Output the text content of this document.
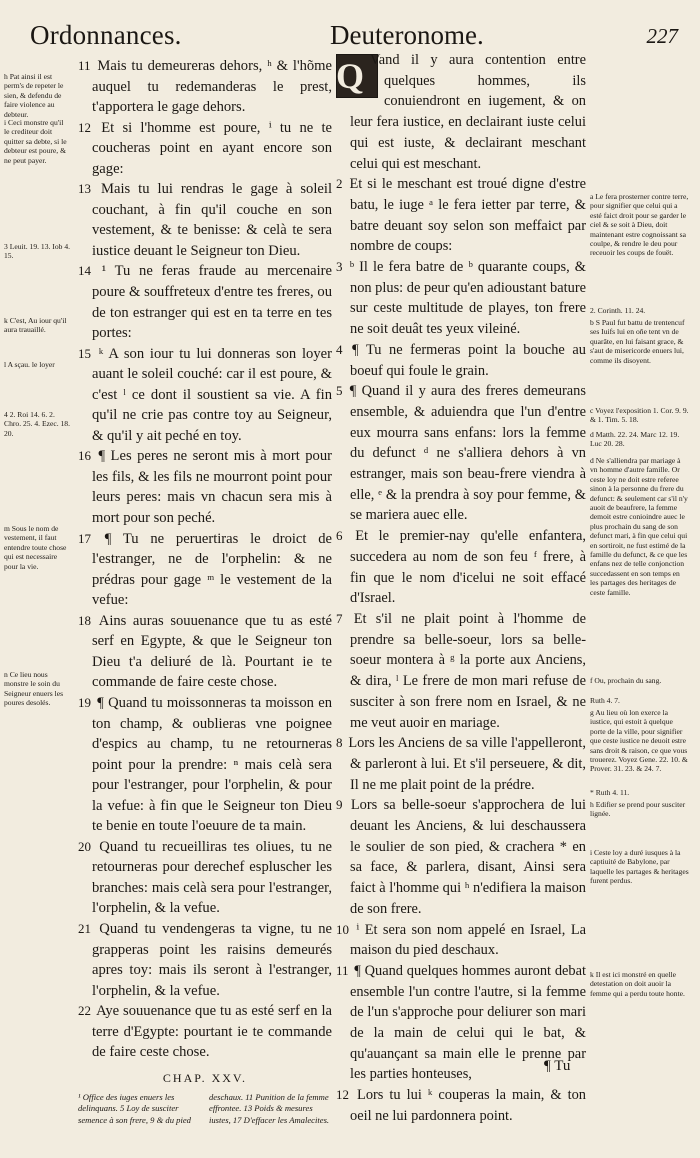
Ordonnances.	Deuteronome.	227
h Pat ainsi il est perm's de repeter le sien, & defendu de faire violence au debteur.
i Ceci monstre qu'il le crediteur doit quitter sa debte, si le debteur est poure, & ne peut payer.
3 Leuit. 19. 13. Iob 4. 15.
k C'est, Au iour qu'il aura trauaillé.
l A sçau. le loyer
4 2. Roi 14. 6. 2. Chro. 25. 4. Ezec. 18. 20.
m Sous le nom de vestement, il faut entendre toute chose qui est necessaire pour la vie.
n Ce lieu nous monstre le soin du Seigneur enuers les poures desolés.

11 Mais tu demeureras dehors, ʰ & l'hõme auquel tu redemanderas le prest, t'apportera le gage dehors.

12 Et si l'homme est poure, ⁱ tu ne te coucheras point en ayant encore son gage:

13 Mais tu lui rendras le gage à soleil couchant, à fin qu'il couche en son vestement, & te benisse: & celà te sera iustice deuant le Seigneur ton Dieu.

14 ¹ Tu ne feras fraude au mercenaire poure & souffreteux d'entre tes freres, ou de ton estranger qui est en ta terre en tes portes:

15 ᵏ A son iour tu lui donneras son loyer auant le soleil couché: car il est poure, & c'est ˡ ce dont il soustient sa vie. A fin qu'il ne crie pas contre toy au Seigneur, & qu'il y ait peché en toy.

16 ¶ Les peres ne seront mis à mort pour les fils, & les fils ne mourront point pour leurs peres: mais vn chacun sera mis à mort pour son peché.

17 ¶ Tu ne peruertiras le droict de l'estranger, ne de l'orphelin: & ne prédras pour gage ᵐ le vestement de la vefue:

18 Ains auras souuenance que tu as esté serf en Egypte, & que le Seigneur ton Dieu t'a deliuré de là. Pourtant ie te commande de faire ceste chose.

19 ¶ Quand tu moissonneras ta moisson en ton champ, & oublieras vne poignee d'espics au champ, tu ne retourneras point pour la prendre: ⁿ mais celà sera pour l'estranger, pour l'orphelin, & pour la vefue: à fin que le Seigneur ton Dieu te benie en toute l'oeuure de ta main.

20 Quand tu recueilliras tes oliues, tu ne retourneras pour derechef espluscher les branches: mais celà sera pour l'estranger, l'orphelin, & la vefue.

21 Quand tu vendengeras ta vigne, tu ne grapperas point les raisins demeurés apres toy: mais ils seront à l'estranger, l'orphelin, & la vefue.

22 Aye souuenance que tu as esté serf en la terre d'Egypte: pourtant ie te commande de faire ceste chose.

CHAP. XXV.
¹ Office des iuges enuers les delinquans. 5 Loy de susciter semence à son frere, 9 & du pied deschaux. 11 Punition de la femme effrontee. 13 Poids & mesures iustes, 17 D'effacer les Amalecites.

Q Vand il y aura contention entre quelques hommes, ils conuiendront en iugement, & on leur fera iustice, en declairant iuste celui qui est iuste, & declairant meschant celui qui est meschant.

2 Et si le meschant est troué digne d'estre batu, le iuge ᵃ le fera ietter par terre, & batre deuant soy selon son meffaict par nombre de coups:

3 ᵇ Il le fera batre de ᵇ quarante coups, & non plus: de peur qu'en adioustant bature sur ceste multitude de playes, ton frere ne soit deuât tes yeux vileiné.

4 ¶ Tu ne fermeras point la bouche au boeuf qui foule le grain.

5 ¶ Quand il y aura des freres demeurans ensemble, & aduiendra que l'un d'entre eux mourra sans enfans: lors la femme du defunct ᵈ ne s'alliera dehors à vn estranger, mais son beau-frere viendra à elle, ᵉ & la prendra à soy pour femme, & se mariera auec elle.

6 Et le premier-nay qu'elle enfantera, succedera au nom de son feu ᶠ frere, à fin que le nom d'icelui ne soit effacé d'Israel.

7 Et s'il ne plait point à l'homme de prendre sa belle-soeur, lors sa belle-soeur montera à ᵍ la porte aux Anciens, & dira, ˡ Le frere de mon mari refuse de susciter à son frere nom en Israel, & ne me veut auoir en mariage.

8 Lors les Anciens de sa ville l'appelleront, & parleront à lui. Et s'il perseuere, & dit, Il ne me plait point de la prédre.

9 Lors sa belle-soeur s'approchera de lui deuant les Anciens, & lui deschaussera le soulier de son pied, & crachera * en sa face, & parlera, disant, Ainsi sera faict à l'homme qui ʰ n'edifiera la maison de son frere.

10 ⁱ Et sera son nom appelé en Israel, La maison du pied deschaux.

11 ¶ Quand quelques hommes auront debat ensemble l'un contre l'autre, si la femme de l'un s'approche pour deliurer son mari de la main de celui qui le bat, & qu'auançant sa main elle le prenne par les parties honteuses,

12 Lors tu lui ᵏ couperas la main, & ton oeil ne lui pardonnera point.

a Le fera prosterner contre terre, pour signifier que celui qui a esté faict droit pour se garder le ciel & se soit à Dieu, doit maintenant estre cognoissant sa coulpe, & rendre le deu pour receuoir les coups de fouët.
2. Corinth. 11. 24.
b S Paul fut battu de trentencuf ses Iuifs lui en oñe tent vn de quarãte, en lui faisant grace, & s'aut de misericorde enuers lui, comme ils disoyent.
c Voyez l'exposition 1. Cor. 9. 9. & 1. Tim. 5. 18.
d Matth. 22. 24. Marc 12. 19. Luc 20. 28.
d Ne s'alliendra par mariage à vn homme d'autre famille. Or ceste loy ne doit estre referee sinon à la personne du frere du defunct: & seulement car s'il n'y auoit de beaufrere, la femme demoit estre conioindre auec le plus prochain du sang de son defunct mari, à fin que celui qui en sortiroit, ne fust estimé de la famille du defunct, & ce que les enfans nez de telle conjonction succedassent en son temps en les partages des heritages de ceste famille.
f Ou, prochain du sang.
Ruth 4. 7.
g Au lieu où lon exerce la iustice, qui estoit à quelque porte de la ville, pour signifier que ceste iustice ne deuoit estre sans droit & raison, ce que vous trouerez. Voyez Gene. 22. 10. & Prover. 31. 23. & 24. 7.
* Ruth 4. 11.
h Edifier se prend pour susciter lignée.
i Ceste loy a duré iusques à la captiuité de Babylone, par laquelle les partages & heritages furent perdus.
k Il est ici monstré en quelle detestation on doit auoir la femme qui a perdu toute honte.
¶ Tu
